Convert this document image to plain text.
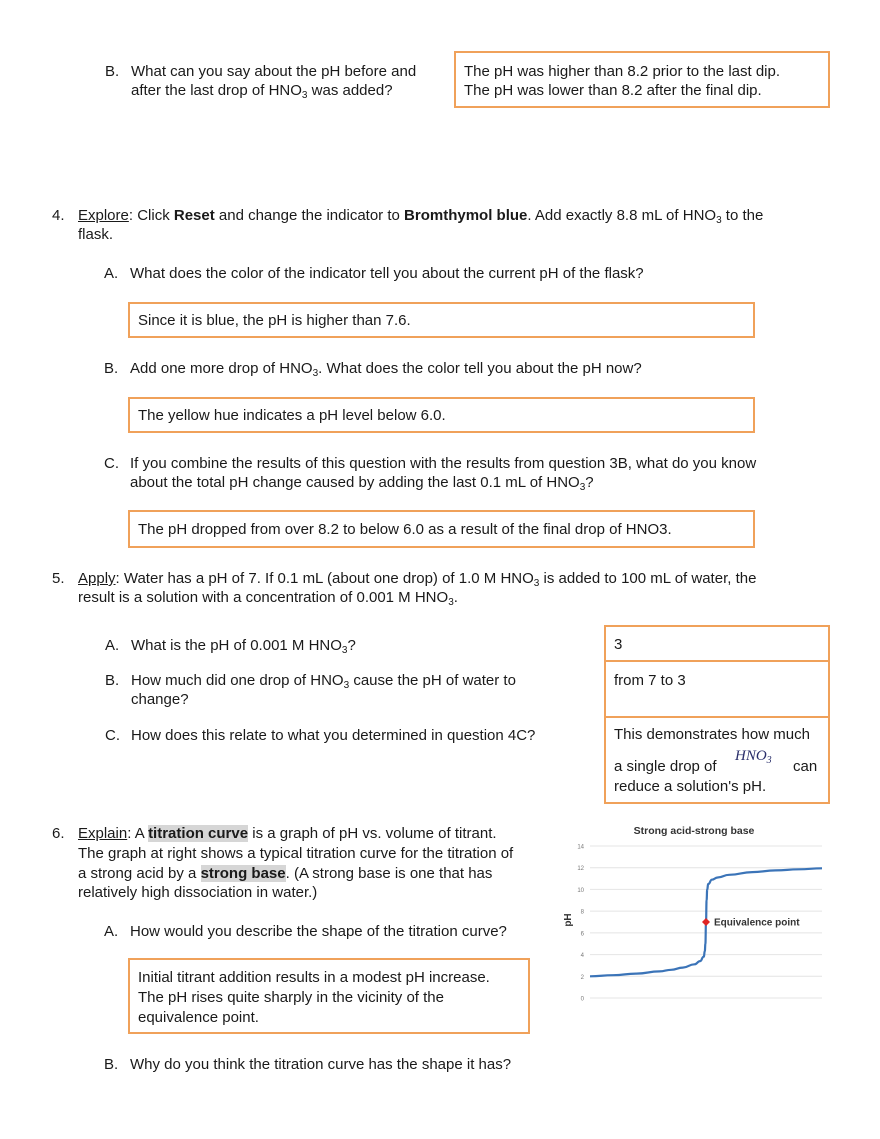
B. What can you say about the pH before and
after the last drop of $HNO_3$ was added?
The pH was higher than 8.2 prior to the last dip.
The pH was lower than 8.2 after the final dip.
4. Explore: Click Reset and change the indicator to Bromthymol blue. Add exactly 8.8 mL of $HNO_3$ to the
flask.
A. What does the color of the indicator tell you about the current pH of the flask?
Since it is blue, the pH is higher than 7.6.
B. Add one more drop of $HNO_3$. What does the color tell you about the pH now?
The yellow hue indicates a pH level below 6.0.
C. If you combine the results of this question with the results from question 3B, what do you know
about the total pH change caused by adding the last 0.1 mL of $HNO_3$?
The pH dropped from over 8.2 to below 6.0 as a result of the final drop of HNO3.
5. Apply: Water has a pH of 7. If 0.1 mL (about one drop) of 1.0 M $HNO_3$ is added to 100 mL of water, the
result is a solution with a concentration of 0.001 M $HNO_3$.
A. What is the pH of 0.001 M $HNO_3$?
B. How much did one drop of $HNO_3$ cause the pH of water to
change?
C. How does this relate to what you determined in question 4C?
3
from 7 to 3
This demonstrates how much
a single drop of
$HNO_3$ can
reduce a solution's pH.
6. Explain: A titration curve is a graph of pH vs. volume of titrant.
The graph at right shows a typical titration curve for the titration of
a strong acid by a strong base. (A strong base is one that has
relatively high dissociation in water.)
A. How would you describe the shape of the titration curve?
Initial titrant addition results in a modest pH increase.
The pH rises quite sharply in the vicinity of the
equivalence point.
B. Why do you think the titration curve has the shape it has?
Strong acid-strong base
pH
0
2
4
6
8
10
12
14
Equivalence point
